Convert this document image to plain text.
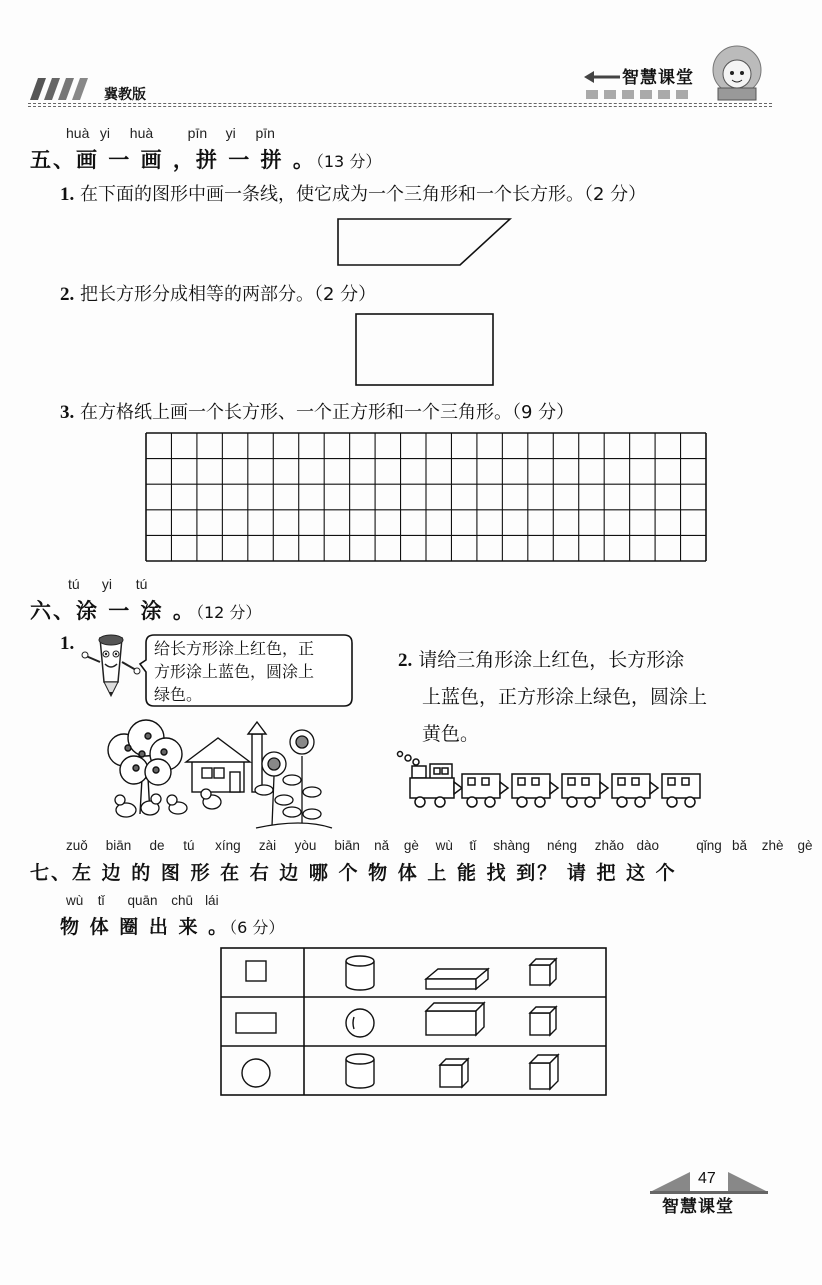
冀教版
智慧课堂
huà yi huà pīn yi pīn
五、画 一 画 ，拼 一 拼 。（13 分）
1. 在下面的图形中画一条线，使它成为一个三角形和一个长方形。（2 分）
2. 把长方形分成相等的两部分。（2 分）
3. 在方格纸上画一个长方形、一个正方形和一个三角形。（9 分）
tú yi tú
六、涂 一 涂 。（12 分）
1.	给长方形涂上红色，正
方形涂上蓝色，圆涂上
绿色。
2. 请给三角形涂上红色，长方形涂
上蓝色，正方形涂上绿色，圆涂上
黄色。
zuǒ biān de tú xíng zài yòu biān nǎ gè wù tǐ shàng néng zhǎo dào	qǐng bǎ zhè gè
七、左 边 的 图 形 在 右 边 哪 个 物 体 上 能 找 到？ 请 把 这 个
wù tǐ quān chū lái
物 体 圈 出 来 。（6 分）
47
智慧课堂
